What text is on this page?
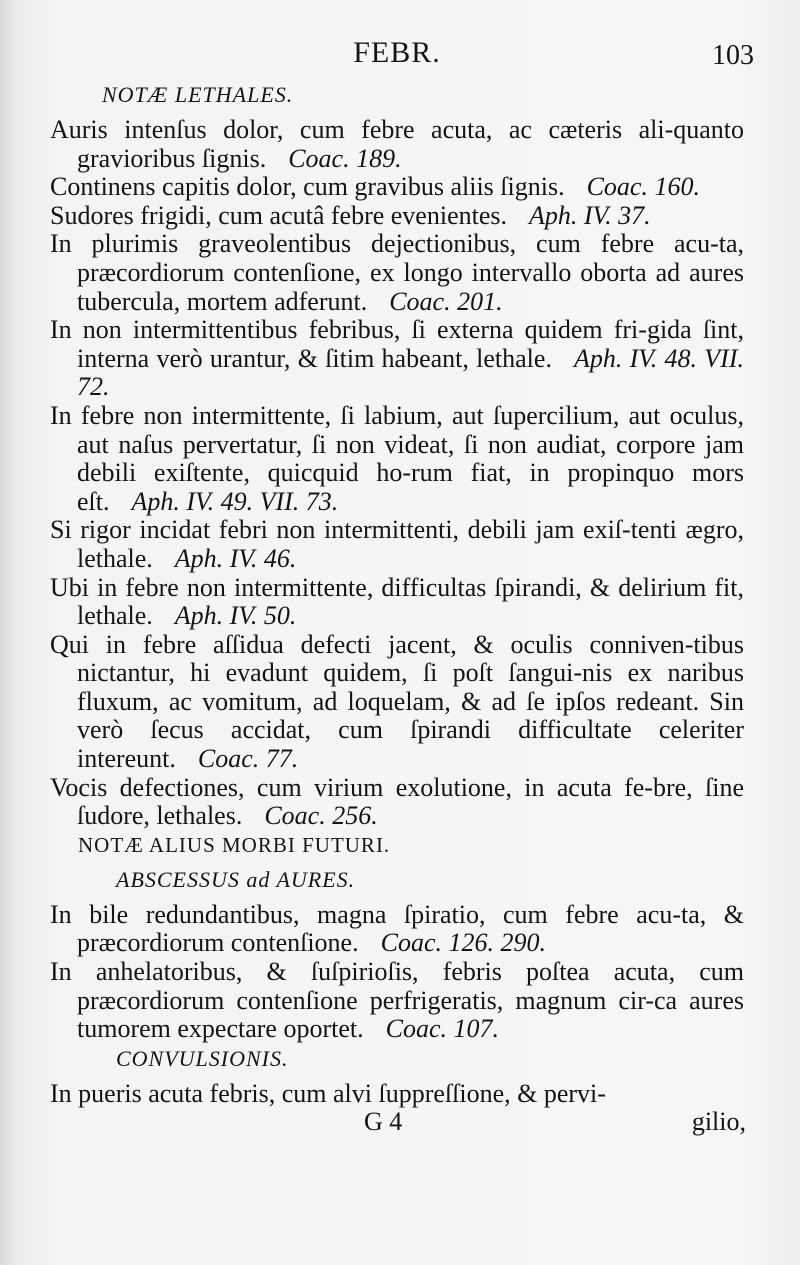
FEBR.	103
NOTÆ LETHALES.

Auris intenſus dolor, cum febre acuta, ac cæteris ali-quanto gravioribus ſignis. Coac. 189.

Continens capitis dolor, cum gravibus aliis ſignis. Coac. 160.

Sudores frigidi, cum acutâ febre evenientes. Aph. IV. 37.

In plurimis graveolentibus dejectionibus, cum febre acu-ta, præcordiorum contenſione, ex longo intervallo oborta ad aures tubercula, mortem adferunt. Coac. 201.

In non intermittentibus febribus, ſi externa quidem fri-gida ſint, interna verò urantur, & ſitim habeant, lethale. Aph. IV. 48. VII. 72.

In febre non intermittente, ſi labium, aut ſupercilium, aut oculus, aut naſus pervertatur, ſi non videat, ſi non audiat, corpore jam debili exiſtente, quicquid ho-rum fiat, in propinquo mors eſt. Aph. IV. 49. VII. 73.

Si rigor incidat febri non intermittenti, debili jam exiſ-tenti ægro, lethale. Aph. IV. 46.

Ubi in febre non intermittente, difficultas ſpirandi, & delirium fit, lethale. Aph. IV. 50.

Qui in febre aſſidua defecti jacent, & oculis conniven-tibus nictantur, hi evadunt quidem, ſi poſt ſangui-nis ex naribus fluxum, ac vomitum, ad loquelam, & ad ſe ipſos redeant. Sin verò ſecus accidat, cum ſpirandi difficultate celeriter intereunt. Coac. 77.

Vocis defectiones, cum virium exolutione, in acuta fe-bre, ſine ſudore, lethales. Coac. 256.

NOTÆ ALIUS MORBI FUTURI.
ABSCESSUS ad AURES.

In bile redundantibus, magna ſpiratio, cum febre acu-ta, & præcordiorum contenſione. Coac. 126. 290.

In anhelatoribus, & ſuſpirioſis, febris poſtea acuta, cum præcordiorum contenſione perfrigeratis, magnum cir-ca aures tumorem expectare oportet. Coac. 107.

CONVULSIONIS.

In pueris acuta febris, cum alvi ſuppreſſione, & pervi-

G 4	gilio,
